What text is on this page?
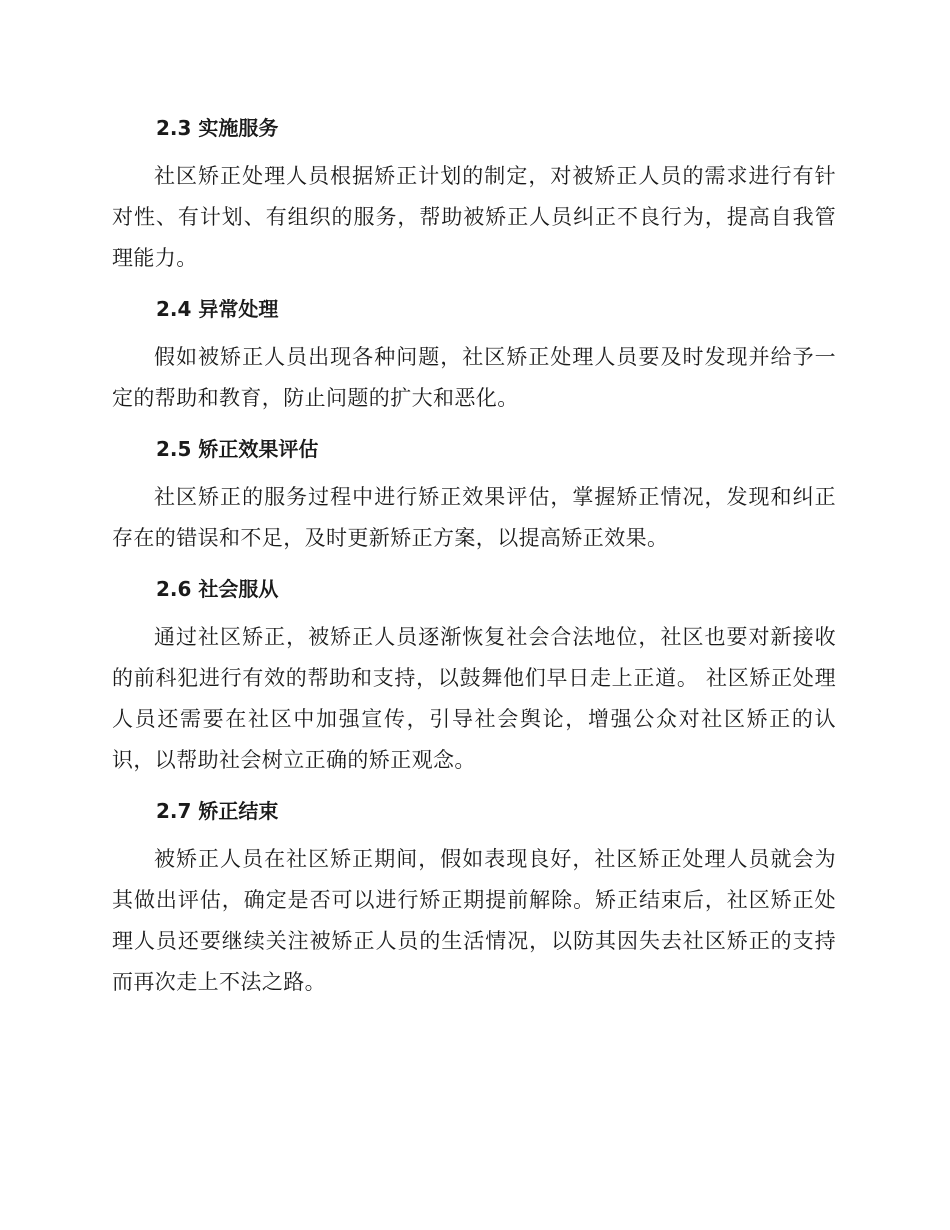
2.3 实施服务

社区矫正处理人员根据矫正计划的制定，对被矫正人员的需求进行有针对性、有计划、有组织的服务，帮助被矫正人员纠正不良行为，提高自我管理能力。

2.4 异常处理

假如被矫正人员出现各种问题，社区矫正处理人员要及时发现并给予一定的帮助和教育，防止问题的扩大和恶化。

2.5 矫正效果评估

社区矫正的服务过程中进行矫正效果评估，掌握矫正情况，发现和纠正存在的错误和不足，及时更新矫正方案，以提高矫正效果。

2.6 社会服从

通过社区矫正，被矫正人员逐渐恢复社会合法地位，社区也要对新接收的前科犯进行有效的帮助和支持，以鼓舞他们早日走上正道。 社区矫正处理人员还需要在社区中加强宣传，引导社会舆论，增强公众对社区矫正的认识，以帮助社会树立正确的矫正观念。

2.7 矫正结束

被矫正人员在社区矫正期间，假如表现良好，社区矫正处理人员就会为其做出评估，确定是否可以进行矫正期提前解除。矫正结束后，社区矫正处理人员还要继续关注被矫正人员的生活情况，以防其因失去社区矫正的支持而再次走上不法之路。
